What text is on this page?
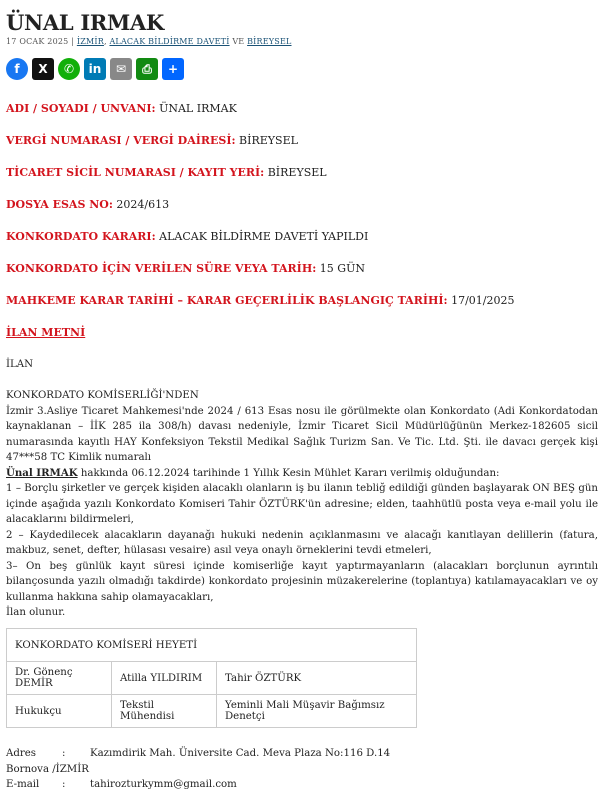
ÜNAL IRMAK
17 OCAK 2025 | İZMİR, ALACAK BİLDİRME DAVETİ VE BİREYSEL
f	X	✆	in	✉	⎙	+

ADI / SOYADI / UNVANI: ÜNAL IRMAK

VERGİ NUMARASI / VERGİ DAİRESİ: BİREYSEL

TİCARET SİCİL NUMARASI / KAYIT YERİ: BİREYSEL

DOSYA ESAS NO: 2024/613

KONKORDATO KARARI: ALACAK BİLDİRME DAVETİ YAPILDI

KONKORDATO İÇİN VERİLEN SÜRE VEYA TARİH: 15 GÜN

MAHKEME KARAR TARİHİ – KARAR GEÇERLİLİK BAŞLANGIÇ TARİHİ: 17/01/2025

İLAN METNİ

İLAN

KONKORDATO KOMİSERLİĞİ'NDEN

İzmir 3.Asliye Ticaret Mahkemesi'nde 2024 / 613 Esas nosu ile görülmekte olan Konkordato (Adi Konkordatodan kaynaklanan – İİK 285 ila 308/h) davası nedeniyle, İzmir Ticaret Sicil Müdürlüğünün Merkez-182605 sicil numarasında kayıtlı HAY Konfeksiyon Tekstil Medikal Sağlık Turizm San. Ve Tic. Ltd. Şti. ile davacı gerçek kişi 47***58 TC Kimlik numaralı
Ünal IRMAK hakkında 06.12.2024 tarihinde 1 Yıllık Kesin Mühlet Kararı verilmiş olduğundan:

1 – Borçlu şirketler ve gerçek kişiden alacaklı olanların iş bu ilanın tebliğ edildiği günden başlayarak ON BEŞ gün içinde aşağıda yazılı Konkordato Komiseri Tahir ÖZTÜRK'ün adresine; elden, taahhütlü posta veya e-mail yolu ile alacaklarını bildirmeleri,

2 – Kaydedilecek alacakların dayanağı hukuki nedenin açıklanmasını ve alacağı kanıtlayan delillerin (fatura, makbuz, senet, defter, hülasası vesaire) asıl veya onaylı örneklerini tevdi etmeleri,

3– On beş günlük kayıt süresi içinde komiserliğe kayıt yaptırmayanların (alacakları borçlunun ayrıntılı bilançosunda yazılı olmadığı takdirde) konkordato projesinin müzakerelerine (toplantıya) katılamayacakları ve oy kullanma hakkına sahip olamayacakları,

İlan olunur.

KONKORDATO KOMİSERİ HEYETİ		
Dr. Gönenç DEMİR	Atilla YILDIRIM	Tahir ÖZTÜRK
Hukukçu	Tekstil Mühendisi	Yeminli Mali Müşavir Bağımsız Denetçi
Adres	: Kazımdirik Mah. Üniversite Cad. Meva Plaza No:116 D.14
Bornova /İZMİR
E-mail : tahirozturkymm@gmail.com
